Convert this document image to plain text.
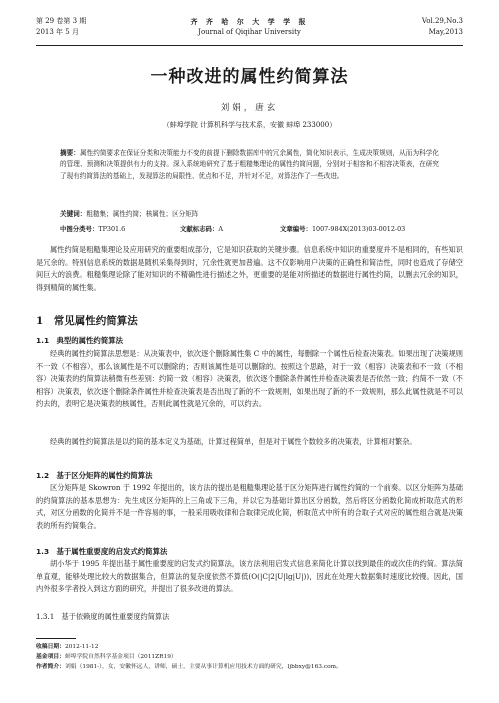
第 29 卷第 3 期
2013 年 5 月
齐 齐 哈 尔 大 学 学 报
Journal of Qiqihar University
Vol.29,No.3
May,2013
一种改进的属性约简算法
刘娟，唐玄
（蚌埠学院 计算机科学与技术系，安徽 蚌埠 233000）
摘要：属性约简要求在保证分类和决策能力不变的前提下删除数据库中的冗余属性，简化知识表示，生成决策规则，从而为科学化的管理、预测和决策提供有力的支持。深入系统地研究了基于粗糙集理论的属性约简问题，分别对于相容和不相容决策表，在研究了现有约简算法的基础上，发现算法的局限性、优点和不足，并针对不足，对算法作了一些改进。
关键词：粗糙集；属性约简；核属性；区分矩阵
中图分类号：TP301.6	文献标志码：A	文章编号：1007-984X(2013)03-0012-03
属性约简是粗糙集理论及应用研究的重要组成部分，它是知识获取的关键步骤。信息系统中知识的重要度并不是相同的，有些知识是冗余的。特别信息系统的数据是随机采集得到时，冗余性就更加普遍。这不仅影响用户决策的正确性和简洁性，同时也造成了存储空间巨大的浪费。粗糙集理论除了能对知识的不精确性进行描述之外，更重要的是能对所描述的数据进行属性约简，以删去冗余的知识，得到精简的属性集。
1　常见属性约简算法
1.1　典型的属性约简算法
经典的属性约简算法思想是：从决策表中，依次逐个删除属性集 C 中的属性，每删除一个属性后检查决策表。如果出现了决策规则不一致（不相容），那么该属性是不可以删除的；否则该属性是可以删除的。按照这个思路，对于一致（相容）决策表和不一致（不相容）决策表的约简算法稍微有些差别：约简一致（相容）决策表，依次逐个删除条件属性并检查决策表是否依然一致；约简不一致（不相容）决策表，依次逐个删除条件属性并检查决策表是否出现了新的不一致规则，如果出现了新的不一致规则，那么此属性就是不可以约去的，表明它是决策表的核属性，否则此属性就是冗余的，可以约去。
经典的属性约简算法是以约简的基本定义为基础，计算过程简单，但是对于属性个数较多的决策表，计算相对繁杂。
1.2　基于区分矩阵的属性约简算法
区分矩阵是 Skowron 于 1992 年提出的，该方法的提出是粗糙集理论基于区分矩阵进行属性约简的一个前奏。以区分矩阵为基础的约简算法的基本思想为：先生成区分矩阵的上三角或下三角，并以它为基础计算出区分函数，然后将区分函数化简成析取范式的形式，对区分函数的化简并不是一件容易的事，一般采用吸收律和合取律完成化简，析取范式中所有的合取子式对应的属性组合就是决策表的所有约简集合。
1.3　基于属性重要度的启发式约简算法
胡小华于 1995 年提出基于属性重要度的启发式约简算法，该方法利用启发式信息来简化计算以找到最佳的或次佳的约简。算法简单直观，能够处理比较大的数据集合，但算法的复杂度依然不算低(O(|C|2|U|lg|U|))，因此在处理大数据集时速度比较慢。因此，国内外很多学者投入到这方面的研究，并提出了很多改进的算法。
1.3.1　基于依赖度的属性重要度约简算法
收稿日期：2012-11-12
基金项目：蚌埠学院自然科学基金项目（2011ZR19）
作者简介：刘娟（1981-），女，安徽怀远人，讲师，硕士，主要从事计算机应用技术方面的研究，ljbbxy@163.com。
